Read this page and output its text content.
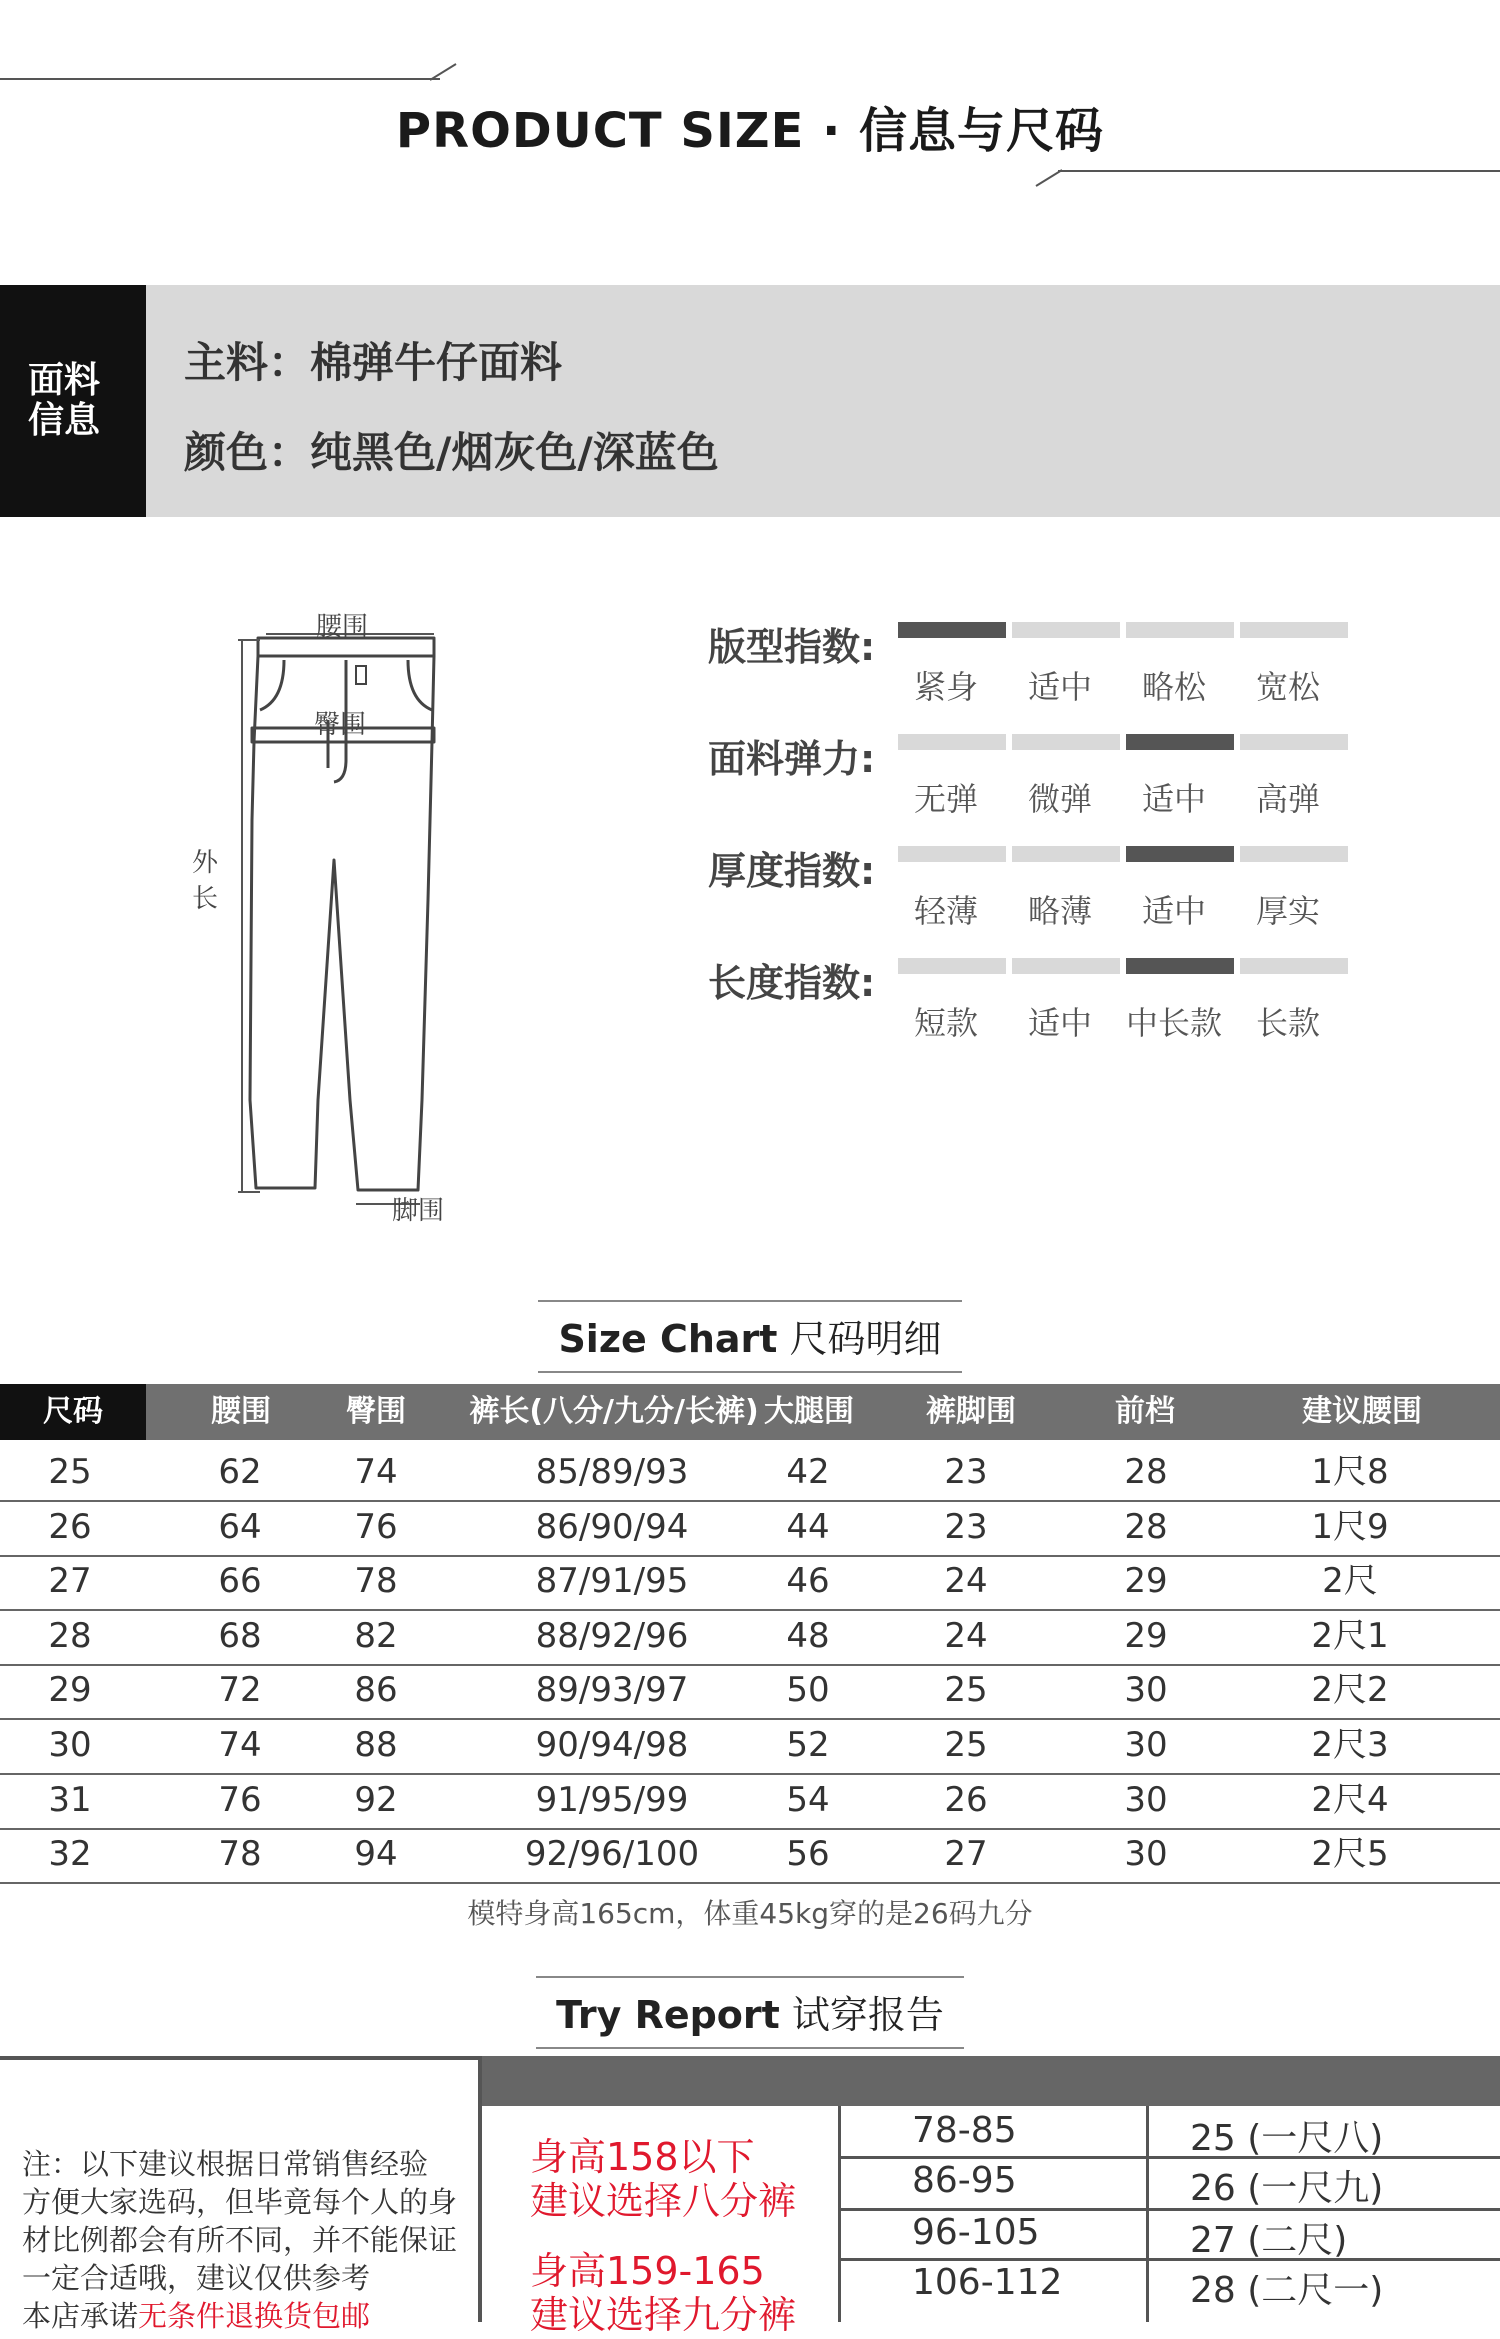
PRODUCT SIZE · 信息与尺码
面料
信息
主料：棉弹牛仔面料
颜色：纯黑色/烟灰色/深蓝色
腰围
臀围
外
长
脚围
版型指数:
紧身	适中	略松	宽松
面料弹力:
无弹	微弹	适中	高弹
厚度指数:
轻薄	略薄	适中	厚实
长度指数:
短款	适中	中长款	长款
Size Chart 尺码明细
尺码	腰围	臀围	裤长(八分/九分/长裤) 大腿围	裤脚围	前档	建议腰围
25	62	74	85/89/93	42	23	28	1尺8
26	64	76	86/90/94	44	23	28	1尺9
27	66	78	87/91/95	46	24	29	2尺
28	68	82	88/92/96	48	24	29	2尺1
29	72	86	89/93/97	50	25	30	2尺2
30	74	88	90/94/98	52	25	30	2尺3
31	76	92	91/95/99	54	26	30	2尺4
32	78	94	92/96/100	56	27	30	2尺5
模特身高165cm，体重45kg穿的是26码九分
Try Report 试穿报告
注：以下建议根据日常销售经验
方便大家选码，但毕竟每个人的身
材比例都会有所不同，并不能保证
一定合适哦，建议仅供参考
本店承诺无条件退换货包邮
身高158以下
建议选择八分裤
身高159-165
建议选择九分裤
78-85	25 (一尺八)
86-95	26 (一尺九)
96-105	27 (二尺)
106-112	28 (二尺一)
